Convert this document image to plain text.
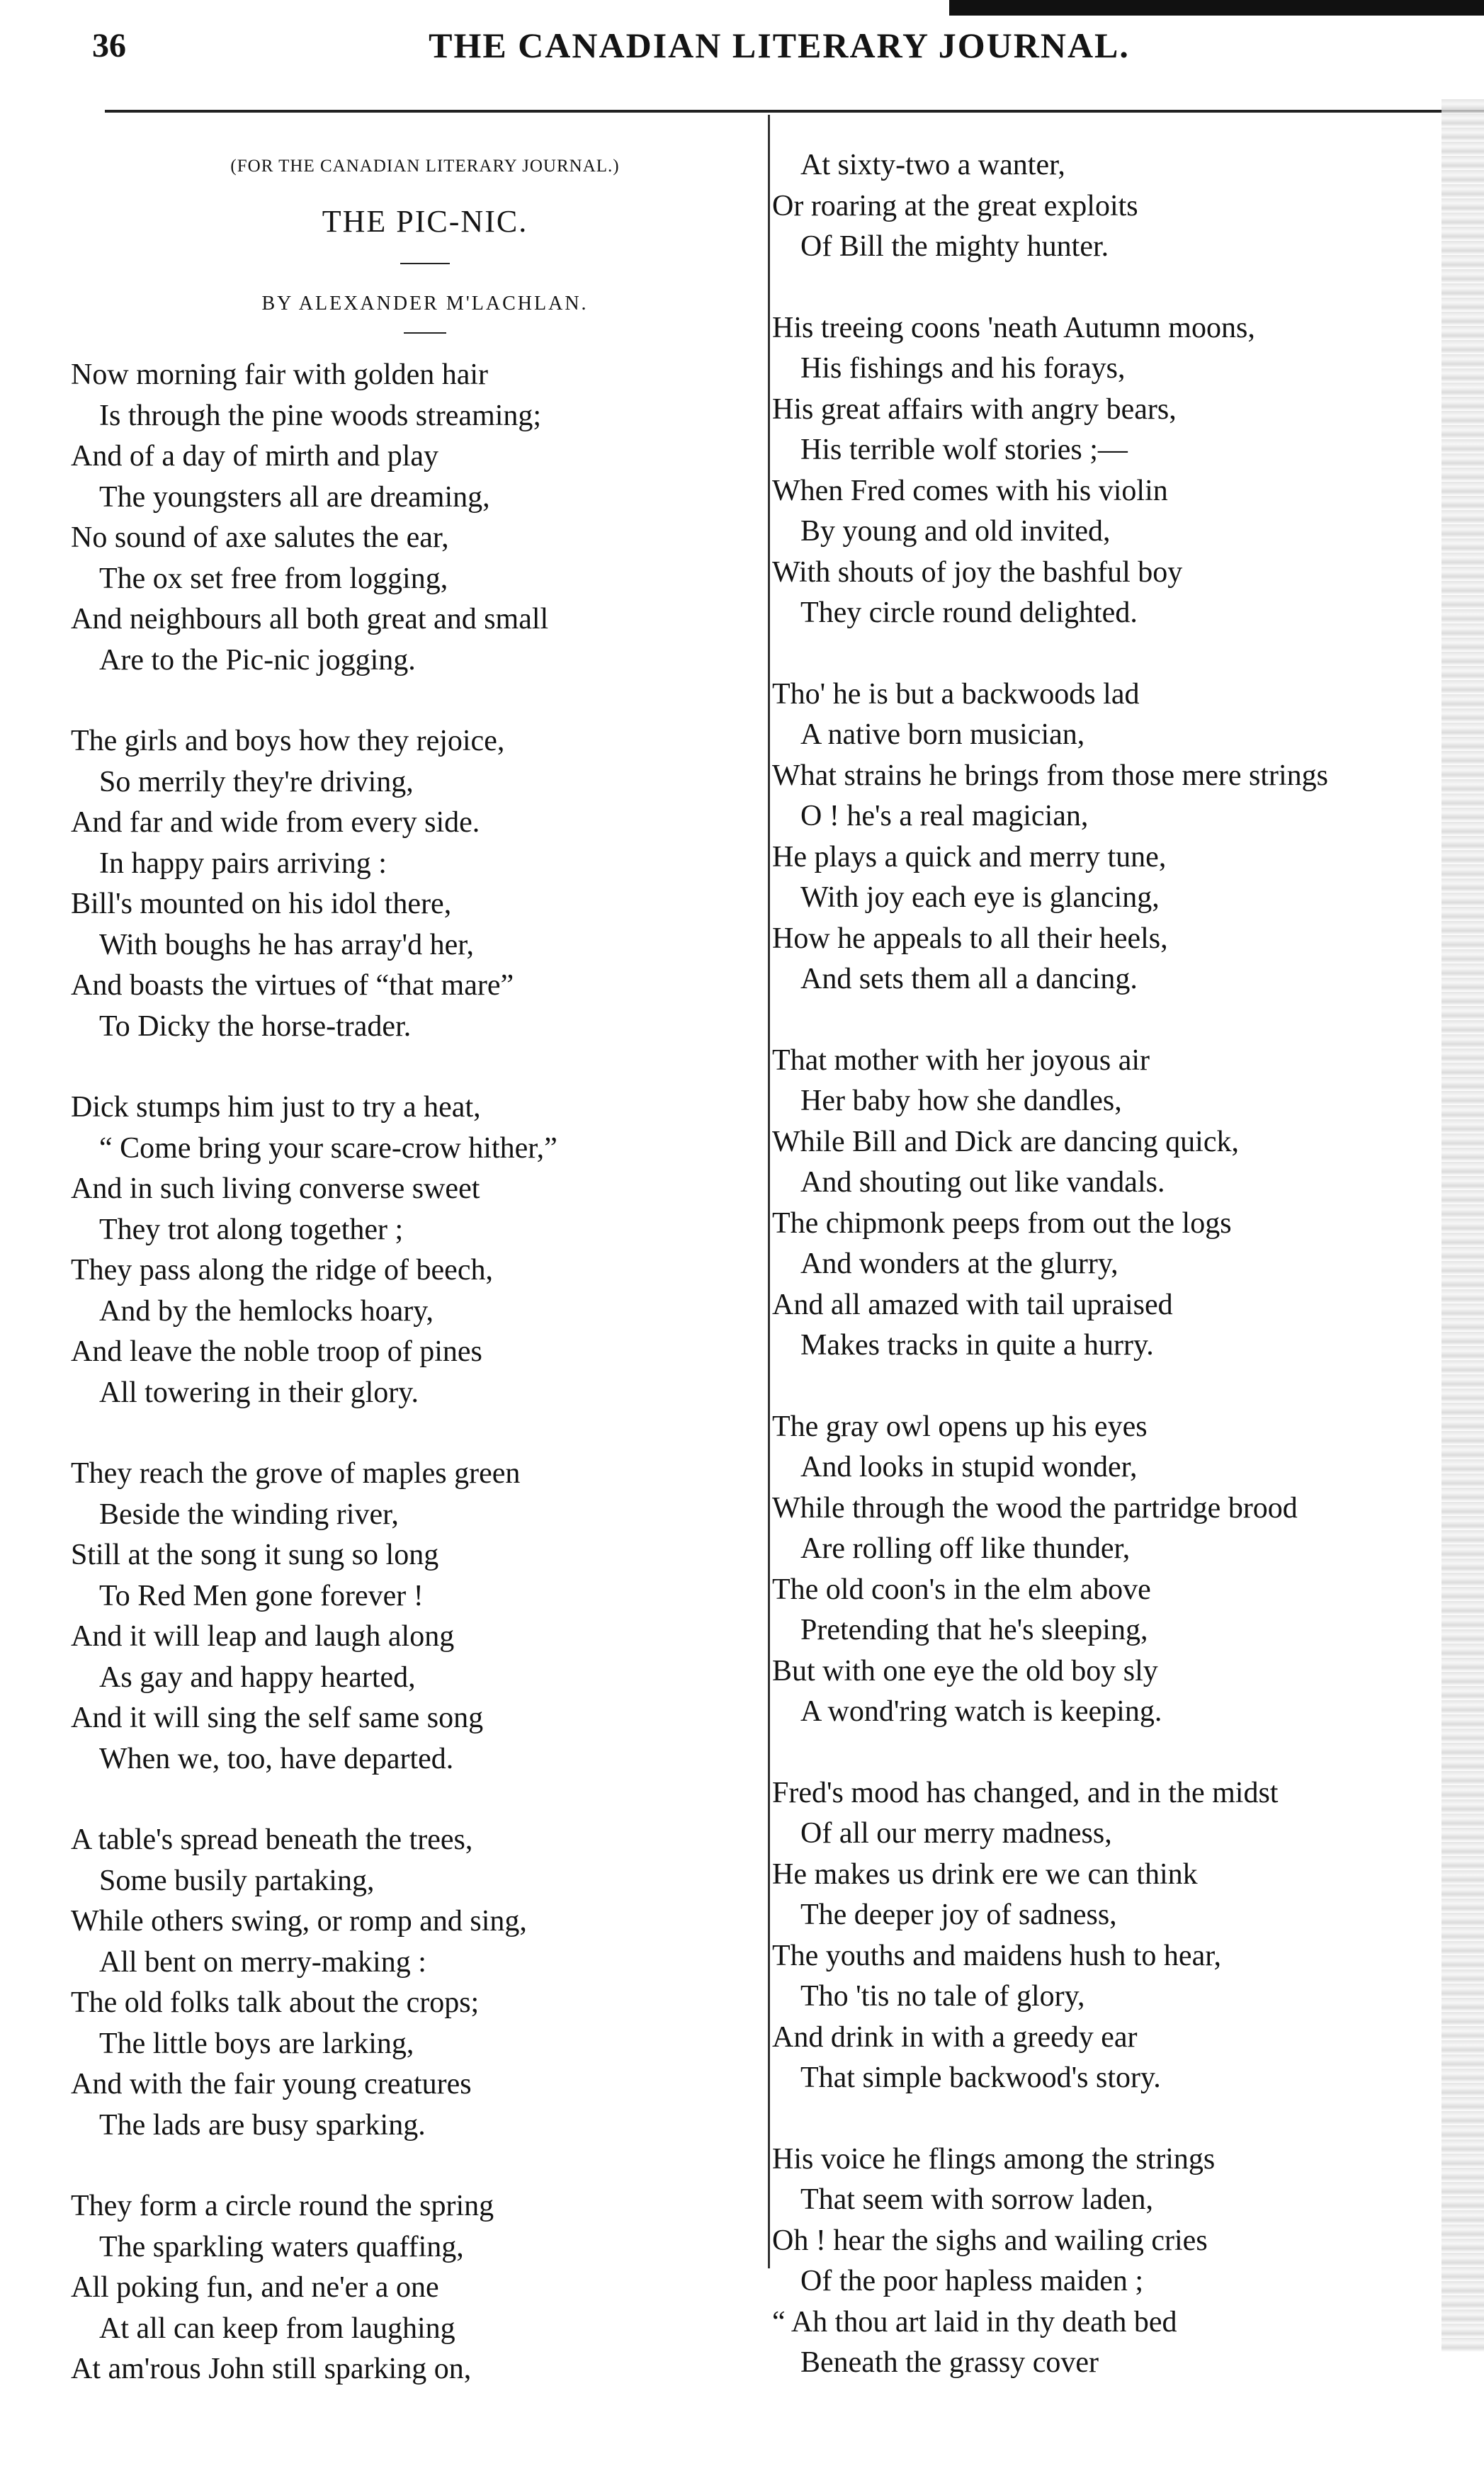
36	THE CANADIAN LITERARY JOURNAL.
(FOR THE CANADIAN LITERARY JOURNAL.)
THE PIC-NIC.
BY ALEXANDER M'LACHLAN.
Now morning fair with golden hair
Is through the pine woods streaming;
And of a day of mirth and play
The youngsters all are dreaming,
No sound of axe salutes the ear,
The ox set free from logging,
And neighbours all both great and small
Are to the Pic-nic jogging.
The girls and boys how they rejoice,
So merrily they're driving,
And far and wide from every side.
In happy pairs arriving :
Bill's mounted on his idol there,
With boughs he has array'd her,
And boasts the virtues of “that mare”
To Dicky the horse-trader.
Dick stumps him just to try a heat,
“ Come bring your scare-crow hither,”
And in such living converse sweet
They trot along together ;
They pass along the ridge of beech,
And by the hemlocks hoary,
And leave the noble troop of pines
All towering in their glory.
They reach the grove of maples green
Beside the winding river,
Still at the song it sung so long
To Red Men gone forever !
And it will leap and laugh along
As gay and happy hearted,
And it will sing the self same song
When we, too, have departed.
A table's spread beneath the trees,
Some busily partaking,
While others swing, or romp and sing,
All bent on merry-making :
The old folks talk about the crops;
The little boys are larking,
And with the fair young creatures
The lads are busy sparking.
They form a circle round the spring
The sparkling waters quaffing,
All poking fun, and ne'er a one
At all can keep from laughing
At am'rous John still sparking on,
At sixty-two a wanter,
Or roaring at the great exploits
Of Bill the mighty hunter.
His treeing coons 'neath Autumn moons,
His fishings and his forays,
His great affairs with angry bears,
His terrible wolf stories ;—
When Fred comes with his violin
By young and old invited,
With shouts of joy the bashful boy
They circle round delighted.
Tho' he is but a backwoods lad
A native born musician,
What strains he brings from those mere strings
O ! he's a real magician,
He plays a quick and merry tune,
With joy each eye is glancing,
How he appeals to all their heels,
And sets them all a dancing.
That mother with her joyous air
Her baby how she dandles,
While Bill and Dick are dancing quick,
And shouting out like vandals.
The chipmonk peeps from out the logs
And wonders at the glurry,
And all amazed with tail upraised
Makes tracks in quite a hurry.
The gray owl opens up his eyes
And looks in stupid wonder,
While through the wood the partridge brood
Are rolling off like thunder,
The old coon's in the elm above
Pretending that he's sleeping,
But with one eye the old boy sly
A wond'ring watch is keeping.
Fred's mood has changed, and in the midst
Of all our merry madness,
He makes us drink ere we can think
The deeper joy of sadness,
The youths and maidens hush to hear,
Tho 'tis no tale of glory,
And drink in with a greedy ear
That simple backwood's story.
His voice he flings among the strings
That seem with sorrow laden,
Oh ! hear the sighs and wailing cries
Of the poor hapless maiden ;
“ Ah thou art laid in thy death bed
Beneath the grassy cover
